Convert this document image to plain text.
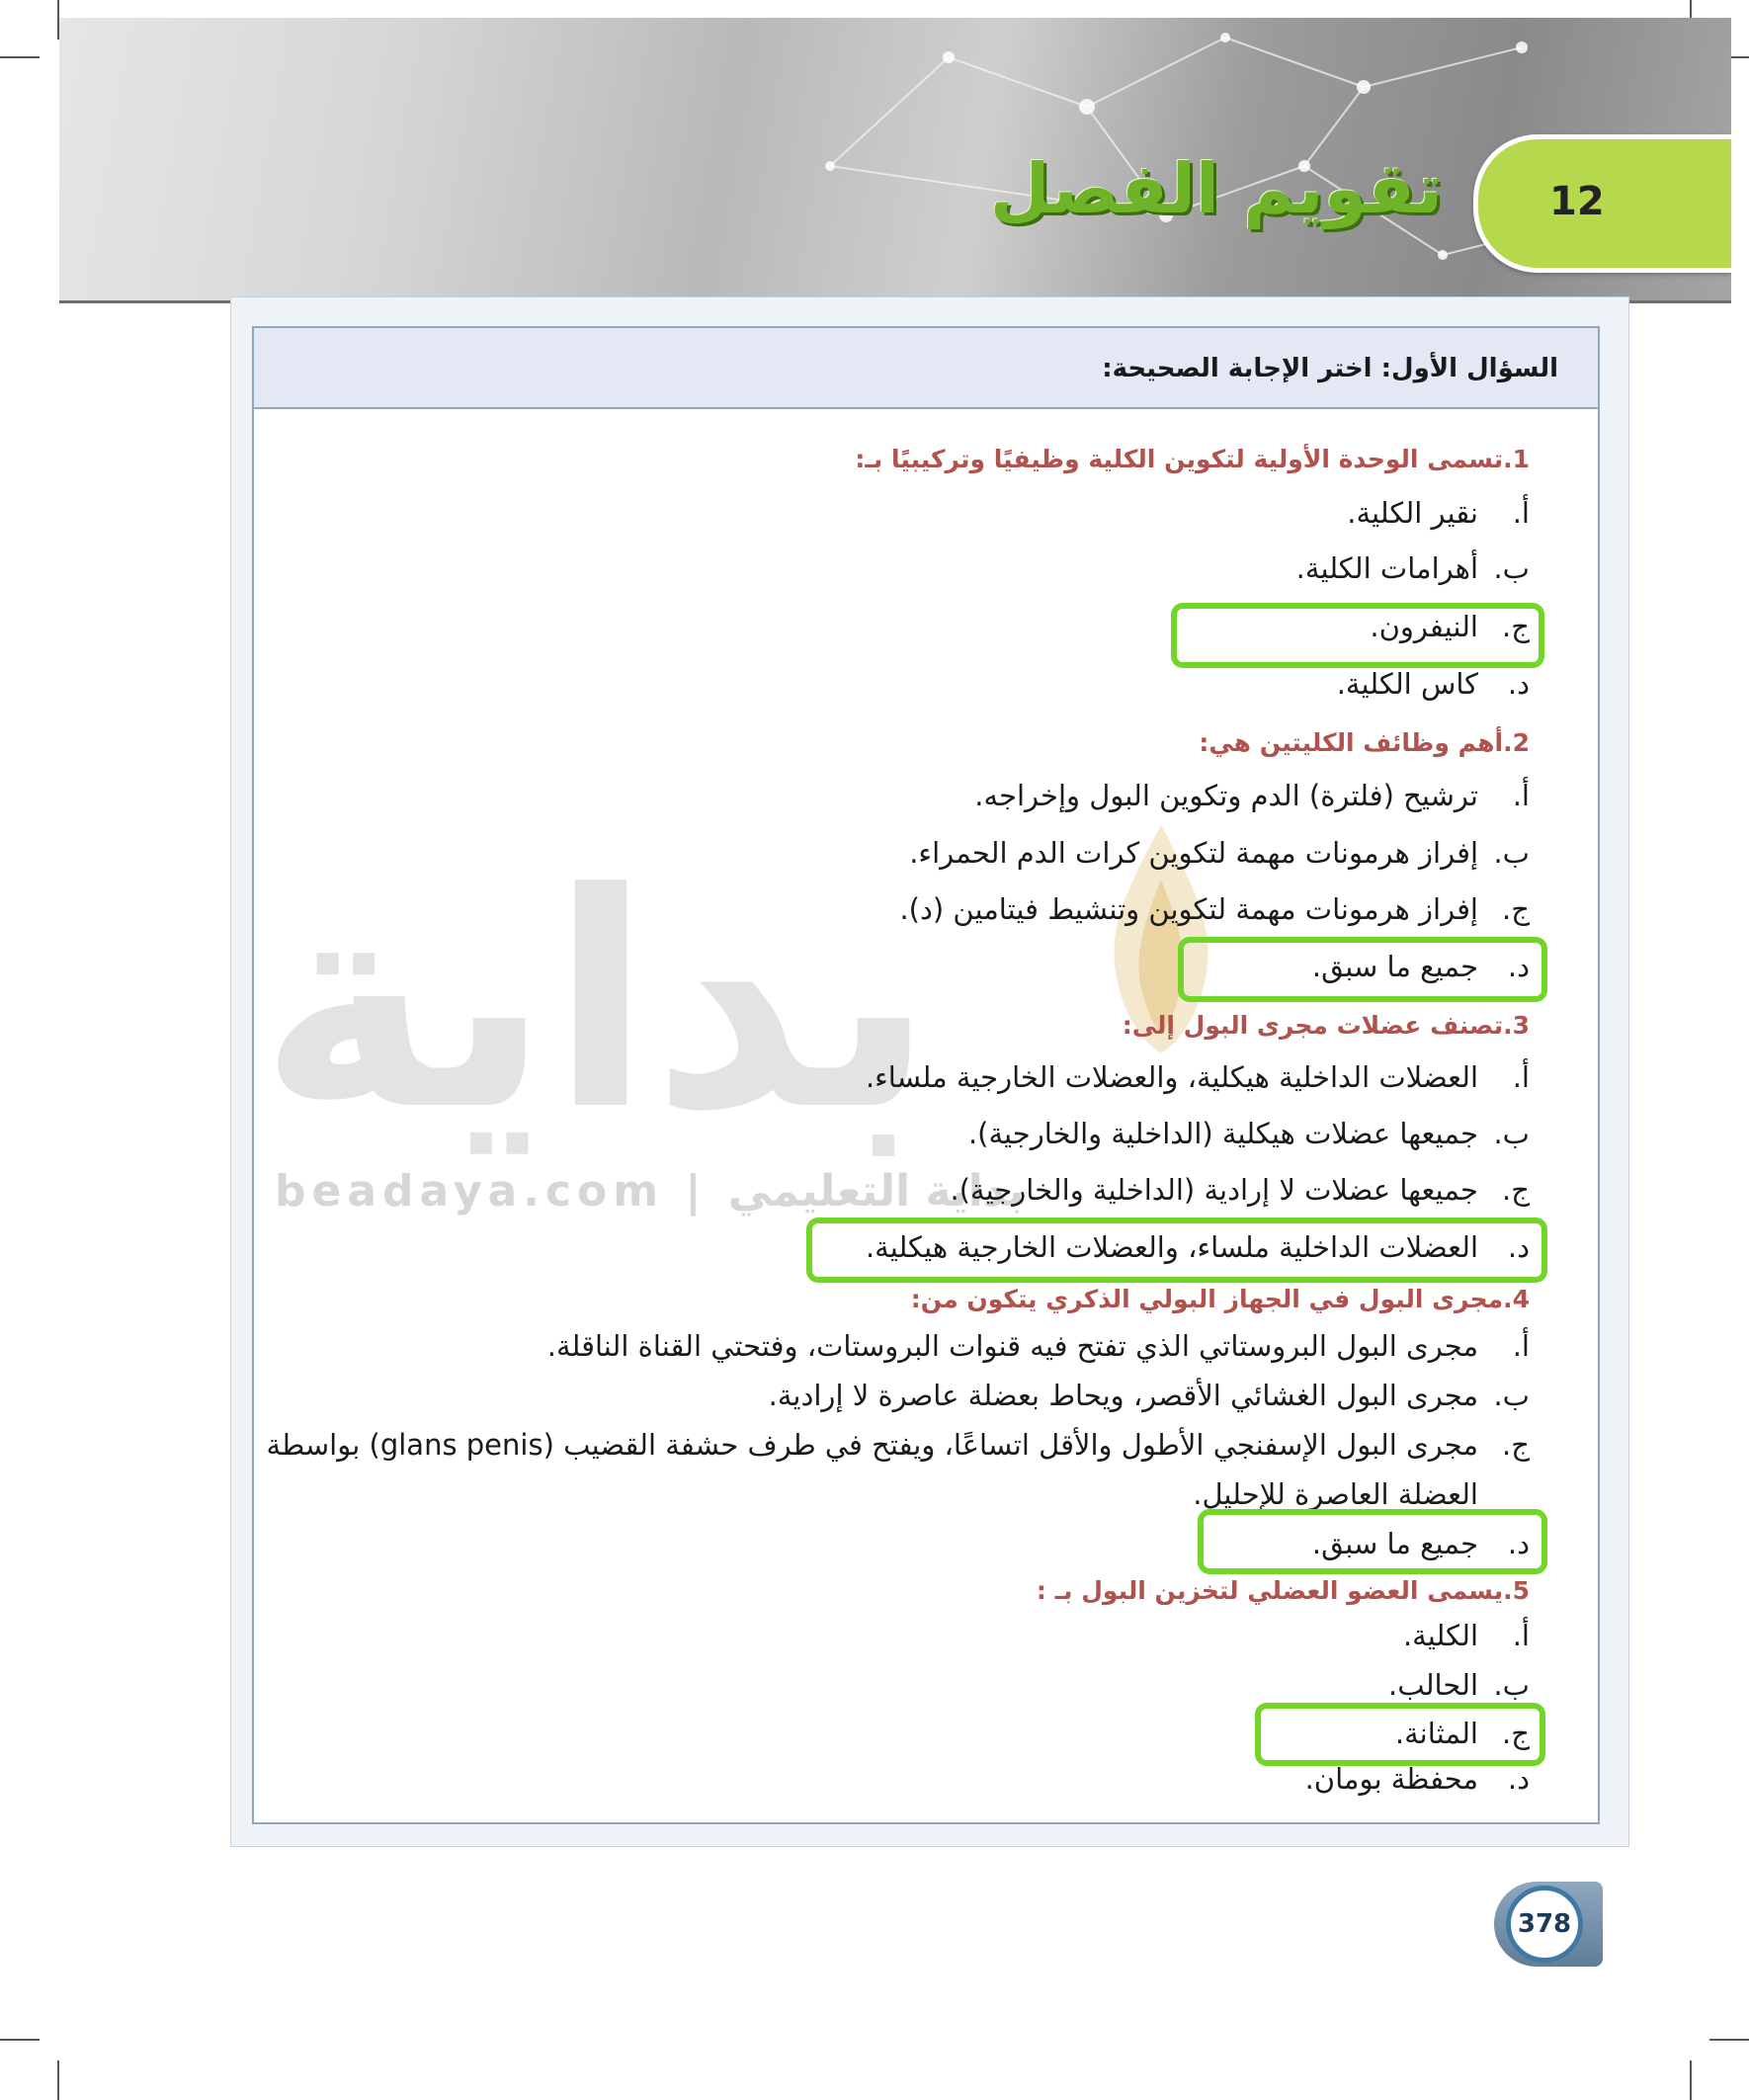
12
تقويم الفصل
السؤال الأول: اختر الإجابة الصحيحة:
بداية
beadaya.com | بداية التعليمي
1.تسمى الوحدة الأولية لتكوين الكلية وظيفيًا وتركيبيًا بـ:
أ.نقير الكلية.
ب.أهرامات الكلية.
ج.النيفرون.
د.كاس الكلية.
2.أهم وظائف الكليتين هي:
أ.ترشيح (فلترة) الدم وتكوين البول وإخراجه.
ب.إفراز هرمونات مهمة لتكوين كرات الدم الحمراء.
ج.إفراز هرمونات مهمة لتكوين وتنشيط فيتامين (د).
د.جميع ما سبق.
3.تصنف عضلات مجرى البول إلى:
أ.العضلات الداخلية هيكلية، والعضلات الخارجية ملساء.
ب.جميعها عضلات هيكلية (الداخلية والخارجية).
ج.جميعها عضلات لا إرادية (الداخلية والخارجية).
د.العضلات الداخلية ملساء، والعضلات الخارجية هيكلية.
4.مجرى البول في الجهاز البولي الذكري يتكون من:
أ.مجرى البول البروستاتي الذي تفتح فيه قنوات البروستات، وفتحتي القناة الناقلة.
ب.مجرى البول الغشائي الأقصر، ويحاط بعضلة عاصرة لا إرادية.
ج.مجرى البول الإسفنجي الأطول والأقل اتساعًا، ويفتح في طرف حشفة القضيب (glans penis) بواسطة
العضلة العاصرة للإحليل.
د.جميع ما سبق.
5.يسمى العضو العضلي لتخزين البول بـ :
أ.الكلية.
ب.الحالب.
ج.المثانة.
د.محفظة بومان.
378
